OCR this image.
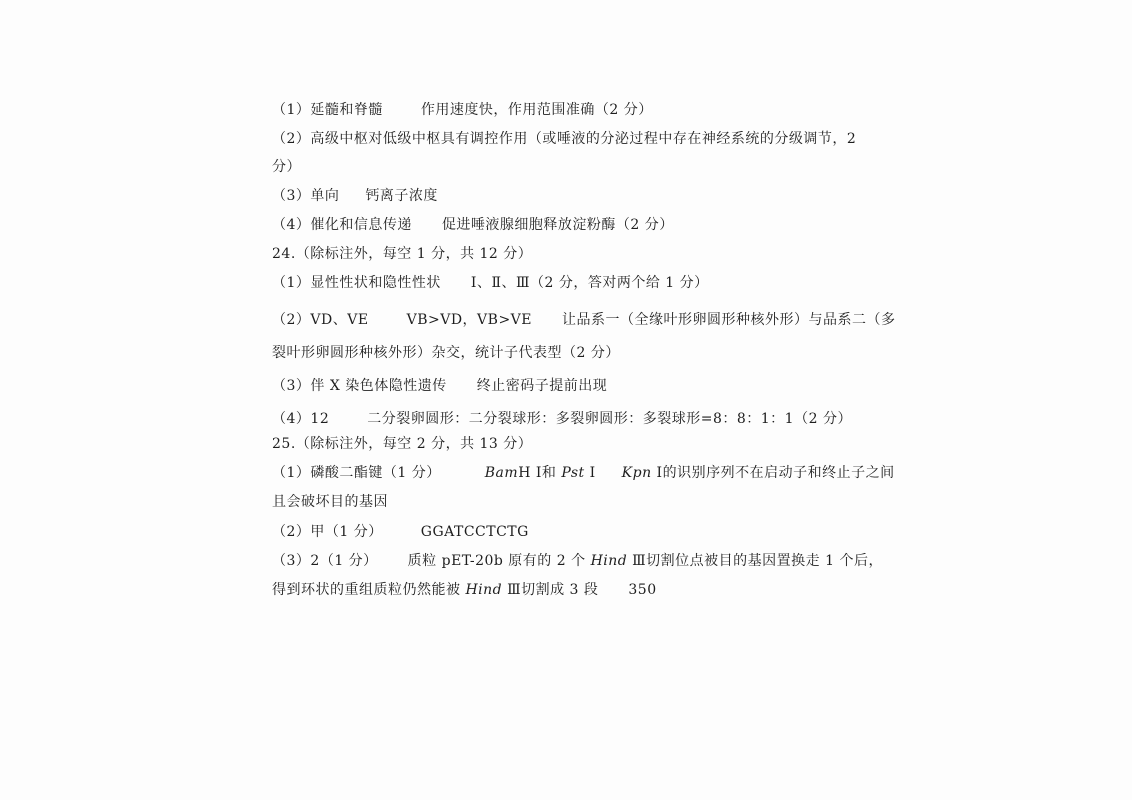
（1）延髓和脊髓	作用速度快，作用范围准确（2 分）
（2）高级中枢对低级中枢具有调控作用（或唾液的分泌过程中存在神经系统的分级调节，2
分）
（3）单向 钙离子浓度
（4）催化和信息传递 促进唾液腺细胞释放淀粉酶（2 分）
24.（除标注外，每空 1 分，共 12 分）
（1）显性性状和隐性性状 Ⅰ、Ⅱ、Ⅲ（2 分，答对两个给 1 分）
（2）VD、VE	VB>VD，VB>VE 让品系一（全缘叶形卵圆形种核外形）与品系二（多
裂叶形卵圆形种核外形）杂交，统计子代表型（2 分）
（3）伴 X 染色体隐性遗传 终止密码子提前出现
（4）12	二分裂卵圆形：二分裂球形：多裂卵圆形：多裂球形=8：8：1：1（2 分）
25.（除标注外，每空 2 分，共 13 分）
（1）磷酸二酯键（1 分）	BamH Ⅰ和 Pst Ⅰ Kpn Ⅰ的识别序列不在启动子和终止子之间
且会破坏目的基因
（2）甲（1 分）	GGATCCTCTG
（3）2（1 分） 质粒 pET-20b 原有的 2 个 Hind Ⅲ切割位点被目的基因置换走 1 个后，
得到环状的重组质粒仍然能被 Hind Ⅲ切割成 3 段 350
